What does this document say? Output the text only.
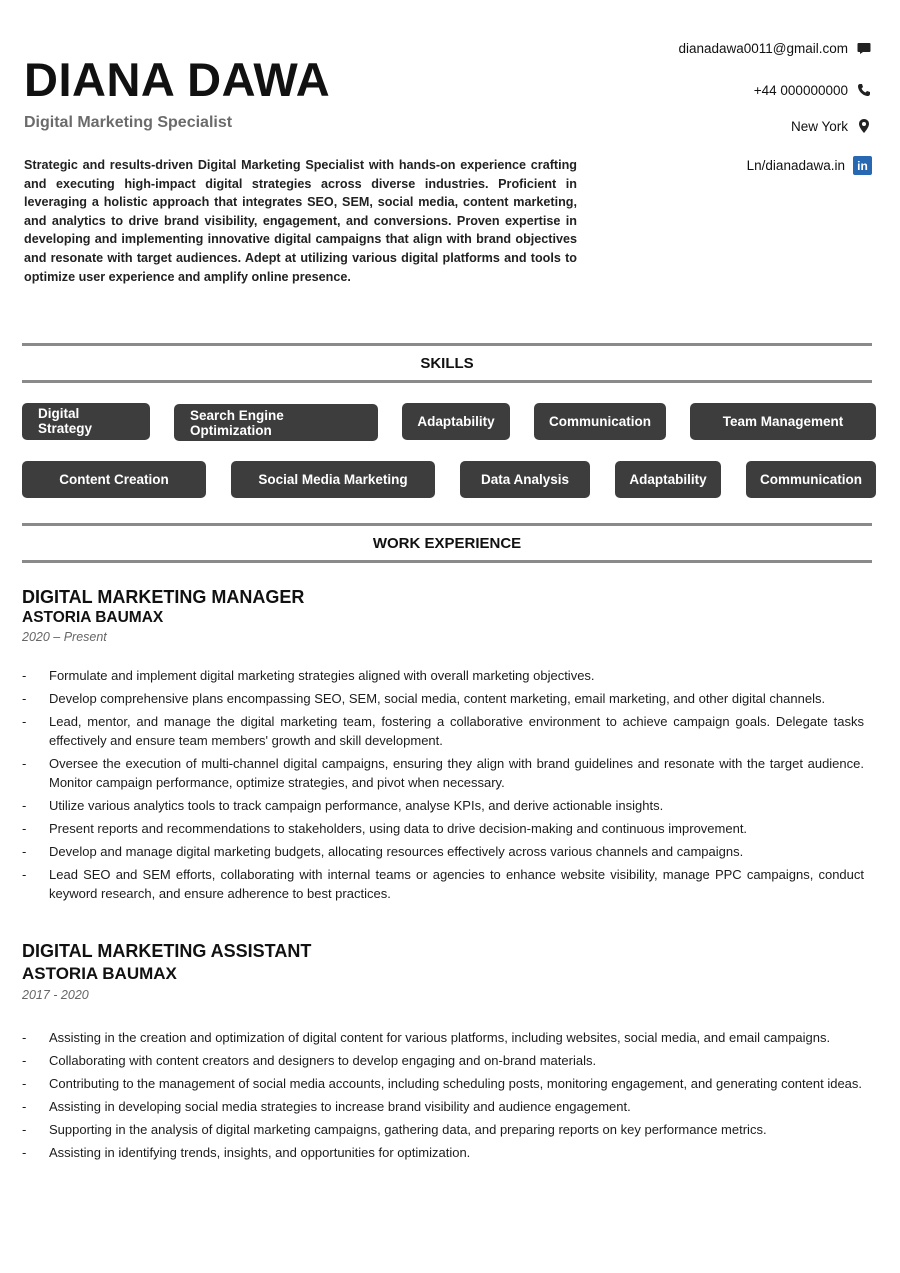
DIANA DAWA
Digital Marketing Specialist

Strategic and results-driven Digital Marketing Specialist with hands-on experience crafting and executing high-impact digital strategies across diverse industries. Proficient in leveraging a holistic approach that integrates SEO, SEM, social media, content marketing, and analytics to drive brand visibility, engagement, and conversions. Proven expertise in developing and implementing innovative digital campaigns that align with brand objectives and resonate with target audiences. Adept at utilizing various digital platforms and tools to optimize user experience and amplify online presence.

dianadawa0011@gmail.com
+44 000000000
New York
Ln/dianadawa.in	in
SKILLS
Digital Strategy
Search Engine Optimization
Adaptability	Communication	Team Management
Content Creation	Social Media Marketing	Data Analysis	Adaptability	Communication
WORK EXPERIENCE
DIGITAL MARKETING MANAGER
ASTORIA BAUMAX
2020 – Present
- Formulate and implement digital marketing strategies aligned with overall marketing objectives.
- Develop comprehensive plans encompassing SEO, SEM, social media, content marketing, email marketing, and other digital channels.
- Lead, mentor, and manage the digital marketing team, fostering a collaborative environment to achieve campaign goals. Delegate tasks effectively and ensure team members' growth and skill development.
- Oversee the execution of multi-channel digital campaigns, ensuring they align with brand guidelines and resonate with the target audience. Monitor campaign performance, optimize strategies, and pivot when necessary.
- Utilize various analytics tools to track campaign performance, analyse KPIs, and derive actionable insights.
- Present reports and recommendations to stakeholders, using data to drive decision-making and continuous improvement.
- Develop and manage digital marketing budgets, allocating resources effectively across various channels and campaigns.
- Lead SEO and SEM efforts, collaborating with internal teams or agencies to enhance website visibility, manage PPC campaigns, conduct keyword research, and ensure adherence to best practices.
DIGITAL MARKETING ASSISTANT
ASTORIA BAUMAX
2017 - 2020
- Assisting in the creation and optimization of digital content for various platforms, including websites, social media, and email campaigns.
- Collaborating with content creators and designers to develop engaging and on-brand materials.
- Contributing to the management of social media accounts, including scheduling posts, monitoring engagement, and generating content ideas.
- Assisting in developing social media strategies to increase brand visibility and audience engagement.
- Supporting in the analysis of digital marketing campaigns, gathering data, and preparing reports on key performance metrics.
- Assisting in identifying trends, insights, and opportunities for optimization.
